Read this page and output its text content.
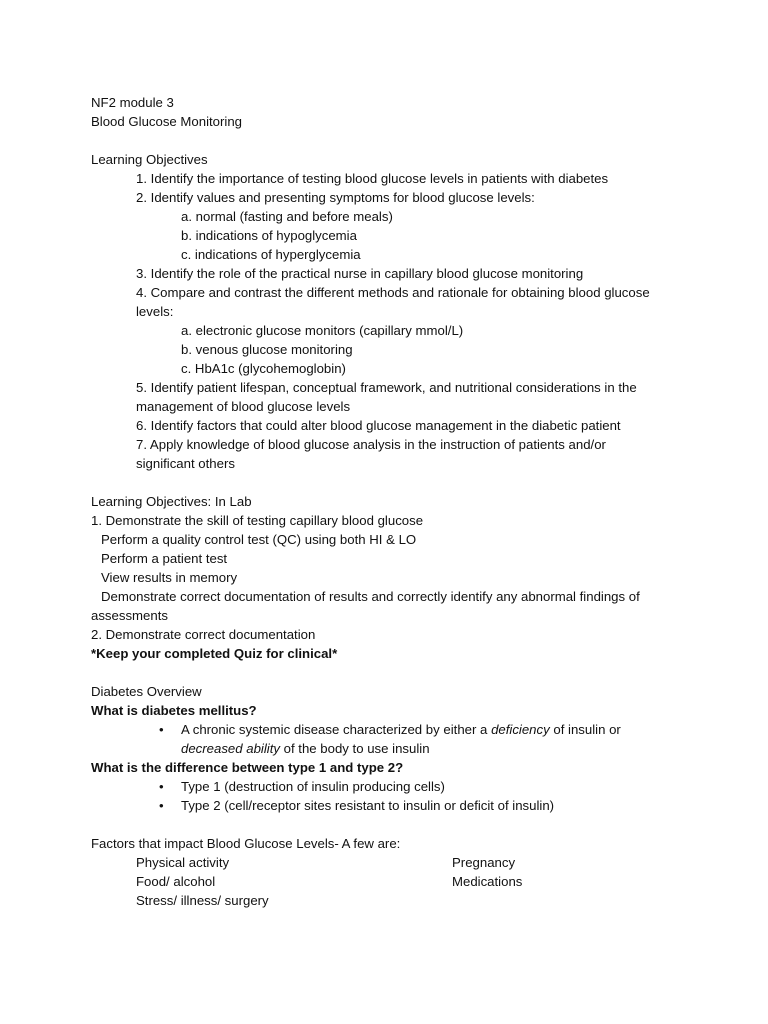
NF2 module 3
Blood Glucose Monitoring
Learning Objectives
1. Identify the importance of testing blood glucose levels in patients with diabetes
2. Identify values and presenting symptoms for blood glucose levels:
a. normal (fasting and before meals)
b. indications of hypoglycemia
c. indications of hyperglycemia
3. Identify the role of the practical nurse in capillary blood glucose monitoring
4. Compare and contrast the different methods and rationale for obtaining blood glucose
levels:
a. electronic glucose monitors (capillary mmol/L)
b. venous glucose monitoring
c. HbA1c (glycohemoglobin)
5. Identify patient lifespan, conceptual framework, and nutritional considerations in the
management of blood glucose levels
6. Identify factors that could alter blood glucose management in the diabetic patient
7. Apply knowledge of blood glucose analysis in the instruction of patients and/or
significant others
Learning Objectives: In Lab
1. Demonstrate the skill of testing capillary blood glucose
Perform a quality control test (QC) using both HI & LO
Perform a patient test
View results in memory
Demonstrate correct documentation of results and correctly identify any abnormal findings of
assessments
2. Demonstrate correct documentation
*Keep your completed Quiz for clinical*
Diabetes Overview
What is diabetes mellitus?
• A chronic systemic disease characterized by either a deficiency of insulin or
decreased ability of the body to use insulin
What is the difference between type 1 and type 2?
• Type 1 (destruction of insulin producing cells)
• Type 2 (cell/receptor sites resistant to insulin or deficit of insulin)
Factors that impact Blood Glucose Levels- A few are:
Physical activity	Pregnancy
Food/ alcohol	Medications
Stress/ illness/ surgery
